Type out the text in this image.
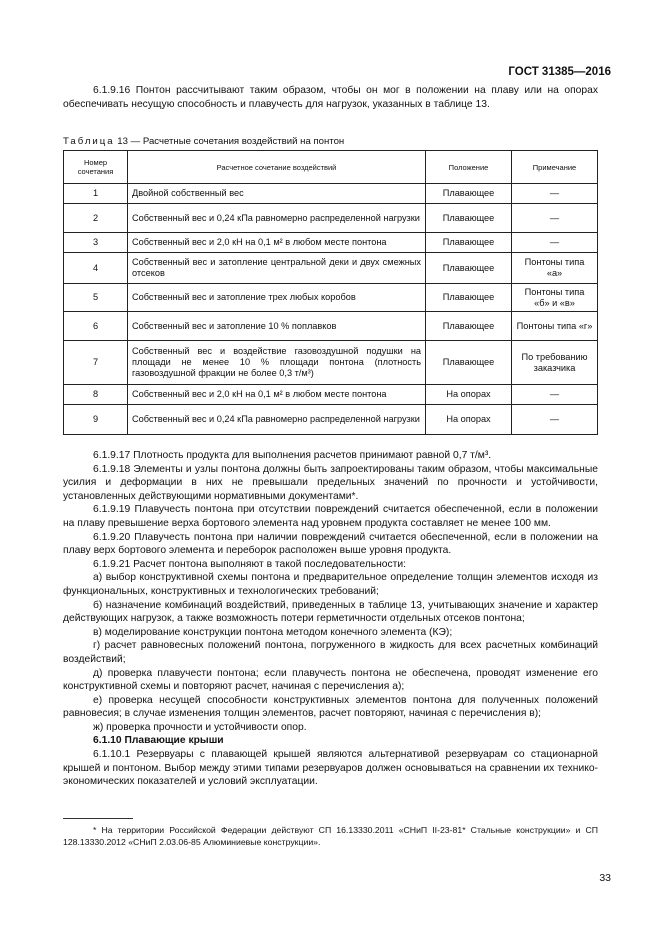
ГОСТ 31385—2016

6.1.9.16 Понтон рассчитывают таким образом, чтобы он мог в положении на плаву или на опорах обеспечивать несущую способность и плавучесть для нагрузок, указанных в таблице 13.

Таблица 13 — Расчетные сочетания воздействий на понтон
Номер сочетания	Расчетное сочетание воздействий	Положение	Примечание
1	Двойной собственный вес	Плавающее	—
2	Собственный вес и 0,24 кПа равномерно распределенной нагрузки	Плавающее	—
3	Собственный вес и 2,0 кН на 0,1 м² в любом месте понтона	Плавающее	—
4	Собственный вес и затопление центральной деки и двух смежных отсеков	Плавающее	Понтоны типа «а»
5	Собственный вес и затопление трех любых коробов	Плавающее	Понтоны типа «б» и «в»
6	Собственный вес и затопление 10 % поплавков	Плавающее	Понтоны типа «г»
7	Собственный вес и воздействие газовоздушной подушки на площади не менее 10 % площади понтона (плотность газовоздушной фракции не более 0,3 т/м³)	Плавающее	По требованию заказчика
8	Собственный вес и 2,0 кН на 0,1 м² в любом месте понтона	На опорах	—
9	Собственный вес и 0,24 кПа равномерно распределенной нагрузки	На опорах	—
6.1.9.17 Плотность продукта для выполнения расчетов принимают равной 0,7 т/м³.
6.1.9.18 Элементы и узлы понтона должны быть запроектированы таким образом, чтобы максимальные усилия и деформации в них не превышали предельных значений по прочности и устойчивости, установленных действующими нормативными документами*.
6.1.9.19 Плавучесть понтона при отсутствии повреждений считается обеспеченной, если в положении на плаву превышение верха бортового элемента над уровнем продукта составляет не менее 100 мм.
6.1.9.20 Плавучесть понтона при наличии повреждений считается обеспеченной, если в положении на плаву верх бортового элемента и переборок расположен выше уровня продукта.
6.1.9.21 Расчет понтона выполняют в такой последовательности:
а) выбор конструктивной схемы понтона и предварительное определение толщин элементов исходя из функциональных, конструктивных и технологических требований;
б) назначение комбинаций воздействий, приведенных в таблице 13, учитывающих значение и характер действующих нагрузок, а также возможность потери герметичности отдельных отсеков понтона;
в) моделирование конструкции понтона методом конечного элемента (КЭ);
г) расчет равновесных положений понтона, погруженного в жидкость для всех расчетных комбинаций воздействий;
д) проверка плавучести понтона; если плавучесть понтона не обеспечена, проводят изменение его конструктивной схемы и повторяют расчет, начиная с перечисления а);
е) проверка несущей способности конструктивных элементов понтона для полученных положений равновесия; в случае изменения толщин элементов, расчет повторяют, начиная с перечисления в);
ж) проверка прочности и устойчивости опор.
6.1.10 Плавающие крыши
6.1.10.1 Резервуары с плавающей крышей являются альтернативой резервуарам со стационарной крышей и понтоном. Выбор между этими типами резервуаров должен основываться на сравнении их технико-экономических показателей и условий эксплуатации.
* На территории Российской Федерации действуют СП 16.13330.2011 «СНиП II-23-81* Стальные конструкции» и СП 128.13330.2012 «СНиП 2.03.06-85 Алюминиевые конструкции».
33
